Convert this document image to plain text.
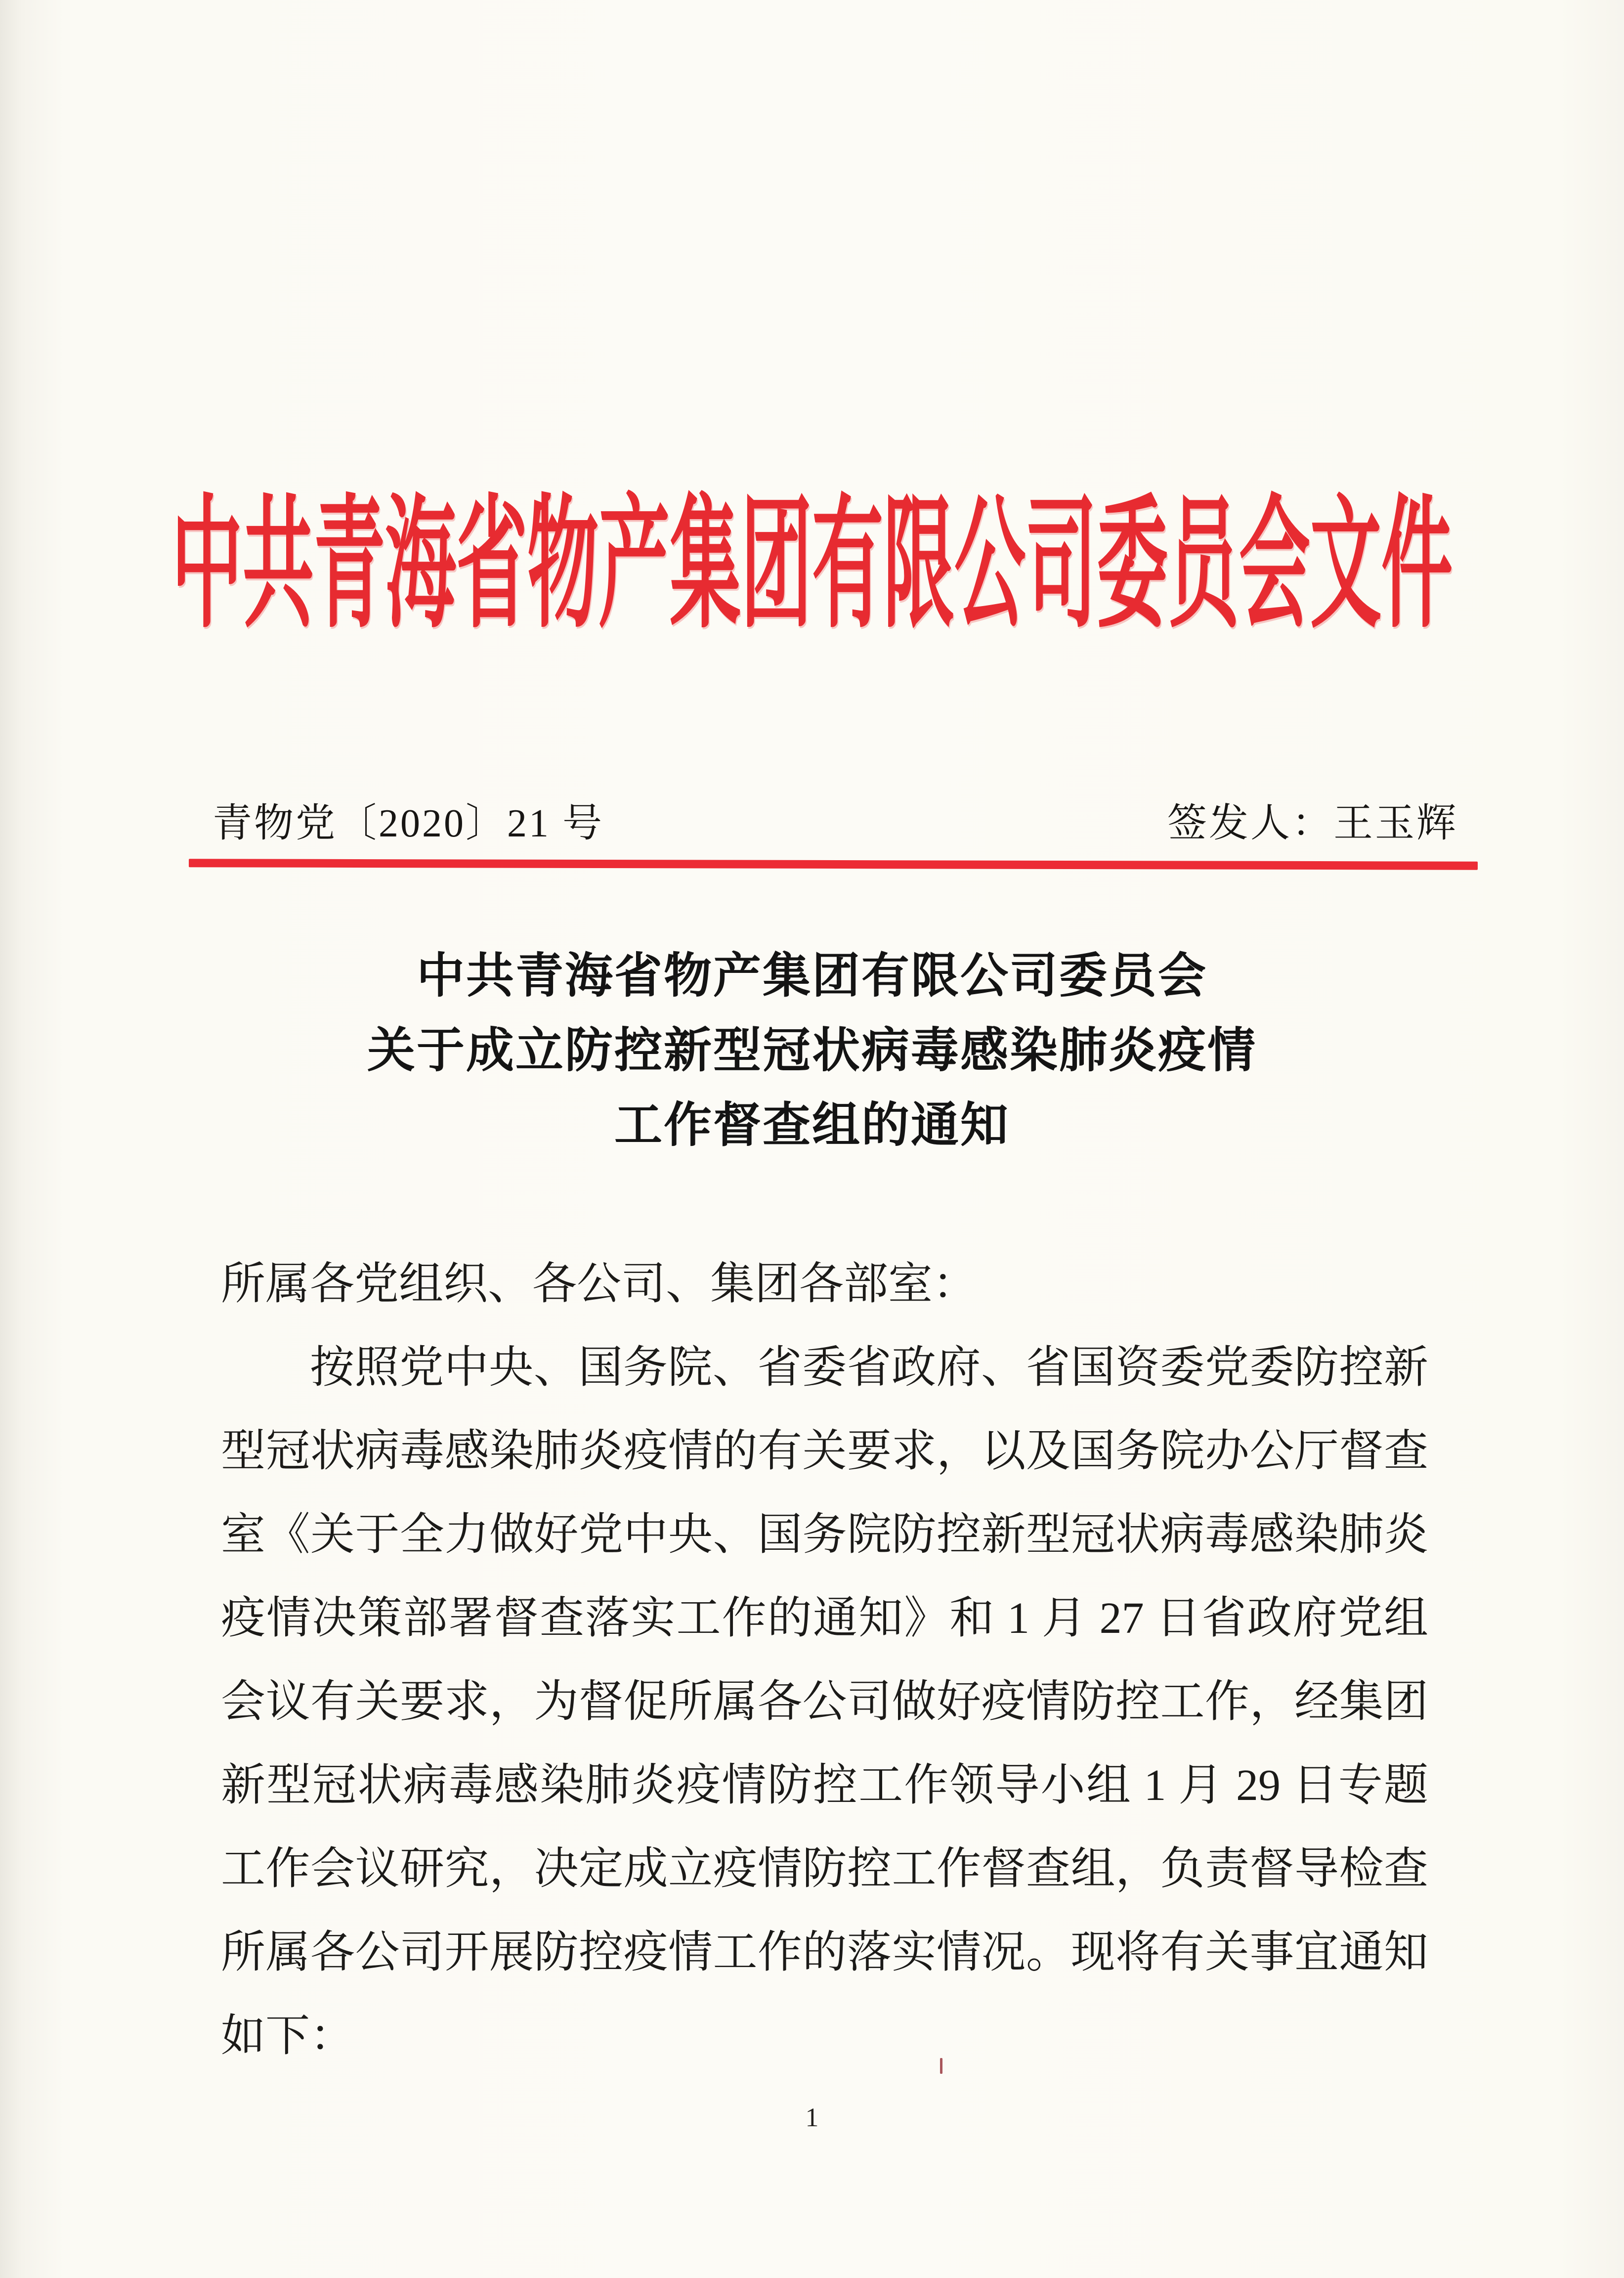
中共青海省物产集团有限公司委员会文件
青物党〔2020〕21 号	签发人：王玉辉
中共青海省物产集团有限公司委员会
关于成立防控新型冠状病毒感染肺炎疫情
工作督查组的通知
所属各党组织、各公司、集团各部室：
按照党中央、国务院、省委省政府、省国资委党委防控新
型冠状病毒感染肺炎疫情的有关要求，以及国务院办公厅督查
室《关于全力做好党中央、国务院防控新型冠状病毒感染肺炎
疫情决策部署督查落实工作的通知》和 1 月 27 日省政府党组
会议有关要求，为督促所属各公司做好疫情防控工作，经集团
新型冠状病毒感染肺炎疫情防控工作领导小组 1 月 29 日专题
工作会议研究，决定成立疫情防控工作督查组，负责督导检查
所属各公司开展防控疫情工作的落实情况。现将有关事宜通知
如下：
1
